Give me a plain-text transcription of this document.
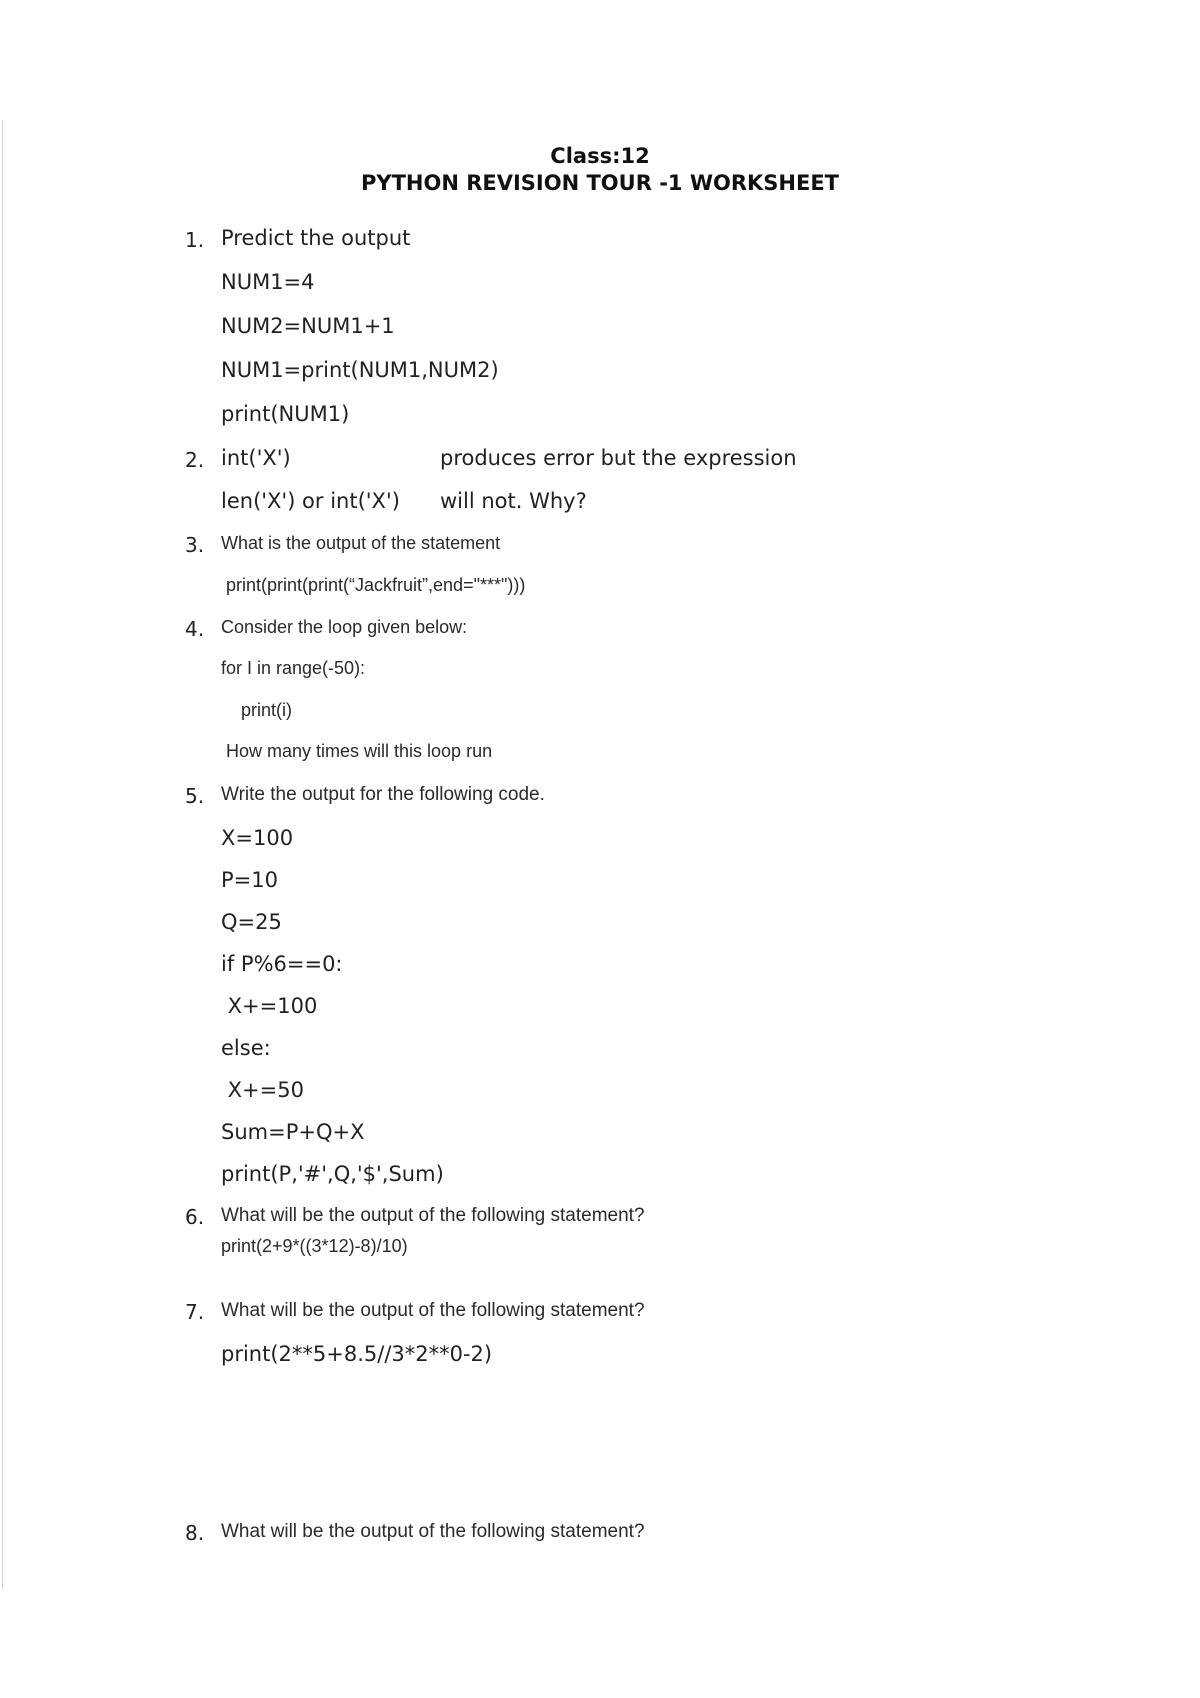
Class:12
PYTHON REVISION TOUR -1 WORKSHEET
1. Predict the output
NUM1=4
NUM2=NUM1+1
NUM1=print(NUM1,NUM2)
print(NUM1)
2. int('X')	produces error but the expression
len('X') or int('X') will not. Why?
3. What is the output of the statement
print(print(print(“Jackfruit”,end="***")))
4. Consider the loop given below:
for I in range(-50):
print(i)
How many times will this loop run
5. Write the output for the following code.
X=100
P=10
Q=25
if P%6==0:
X+=100
else:
X+=50
Sum=P+Q+X
print(P,'#',Q,'$',Sum)
6. What will be the output of the following statement?
print(2+9*((3*12)-8)/10)
7. What will be the output of the following statement?
print(2**5+8.5//3*2**0-2)
8. What will be the output of the following statement?
